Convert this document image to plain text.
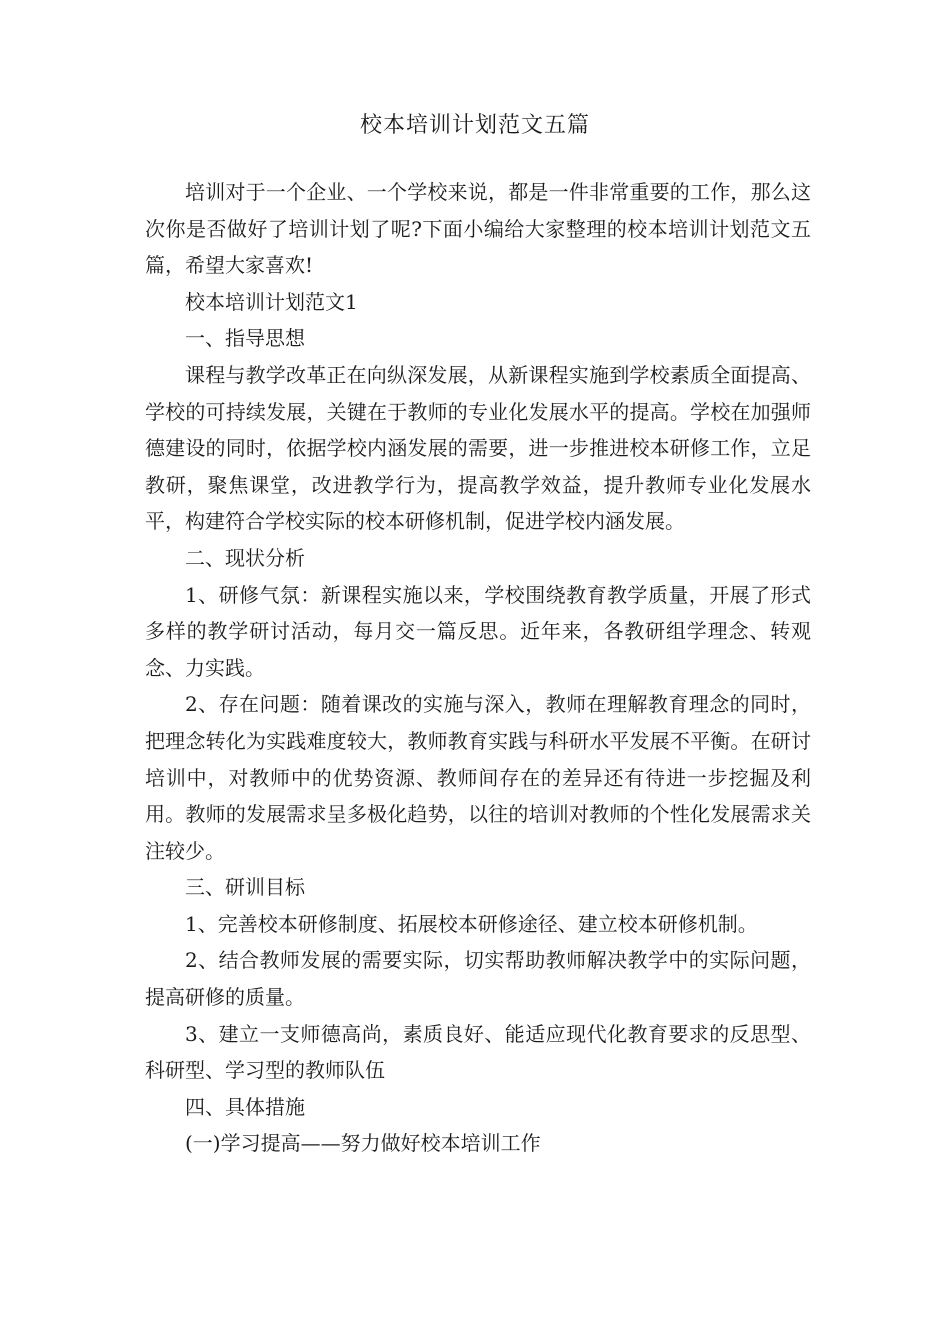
校本培训计划范文五篇

培训对于一个企业、一个学校来说，都是一件非常重要的工作，那么这次你是否做好了培训计划了呢?下面小编给大家整理的校本培训计划范文五篇，希望大家喜欢!

校本培训计划范文1

一、指导思想

课程与教学改革正在向纵深发展，从新课程实施到学校素质全面提高、学校的可持续发展，关键在于教师的专业化发展水平的提高。学校在加强师德建设的同时，依据学校内涵发展的需要，进一步推进校本研修工作，立足教研，聚焦课堂，改进教学行为，提高教学效益，提升教师专业化发展水平，构建符合学校实际的校本研修机制，促进学校内涵发展。

二、现状分析

1、研修气氛：新课程实施以来，学校围绕教育教学质量，开展了形式多样的教学研讨活动，每月交一篇反思。近年来，各教研组学理念、转观念、力实践。

2、存在问题：随着课改的实施与深入，教师在理解教育理念的同时，把理念转化为实践难度较大，教师教育实践与科研水平发展不平衡。在研讨培训中，对教师中的优势资源、教师间存在的差异还有待进一步挖掘及利用。教师的发展需求呈多极化趋势，以往的培训对教师的个性化发展需求关注较少。

三、研训目标

1、完善校本研修制度、拓展校本研修途径、建立校本研修机制。

2、结合教师发展的需要实际，切实帮助教师解决教学中的实际问题，提高研修的质量。

3、建立一支师德高尚，素质良好、能适应现代化教育要求的反思型、科研型、学习型的教师队伍

四、具体措施

(一)学习提高——努力做好校本培训工作
